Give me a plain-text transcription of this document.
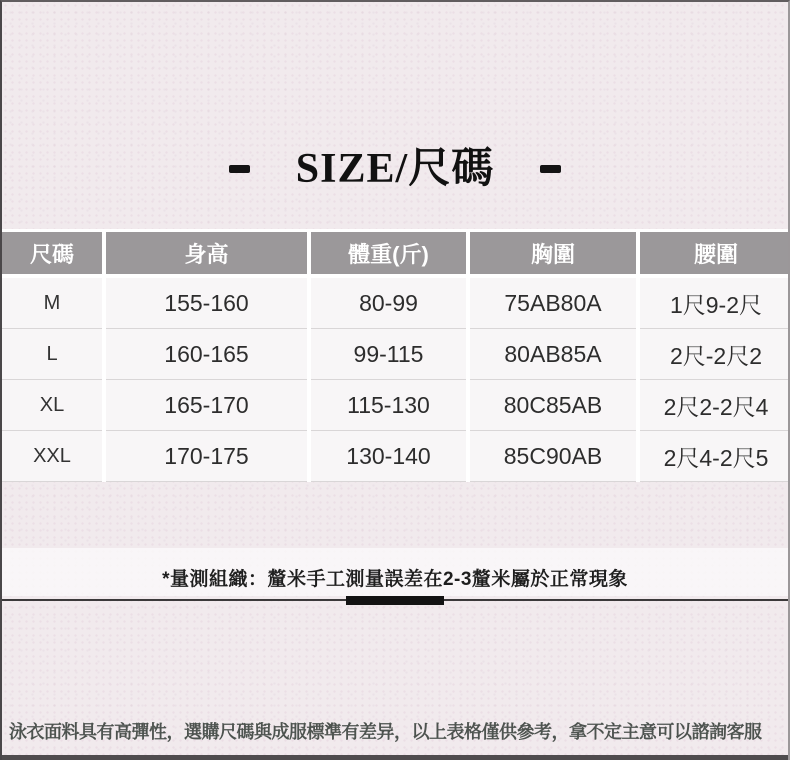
SIZE/尺碼
尺碼	身高	體重(斤)	胸圍	腰圍
M	155-160	80-99	75AB80A	1尺9-2尺
L	160-165	99-115	80AB85A	2尺-2尺2
XL	165-170	115-130	80C85AB	2尺2-2尺4
XXL	170-175	130-140	85C90AB	2尺4-2尺5
*量測組織：釐米手工測量誤差在2-3釐米屬於正常現象
泳衣面料具有高彈性，選購尺碼與成服標準有差异，以上表格僅供參考，拿不定主意可以諮詢客服
